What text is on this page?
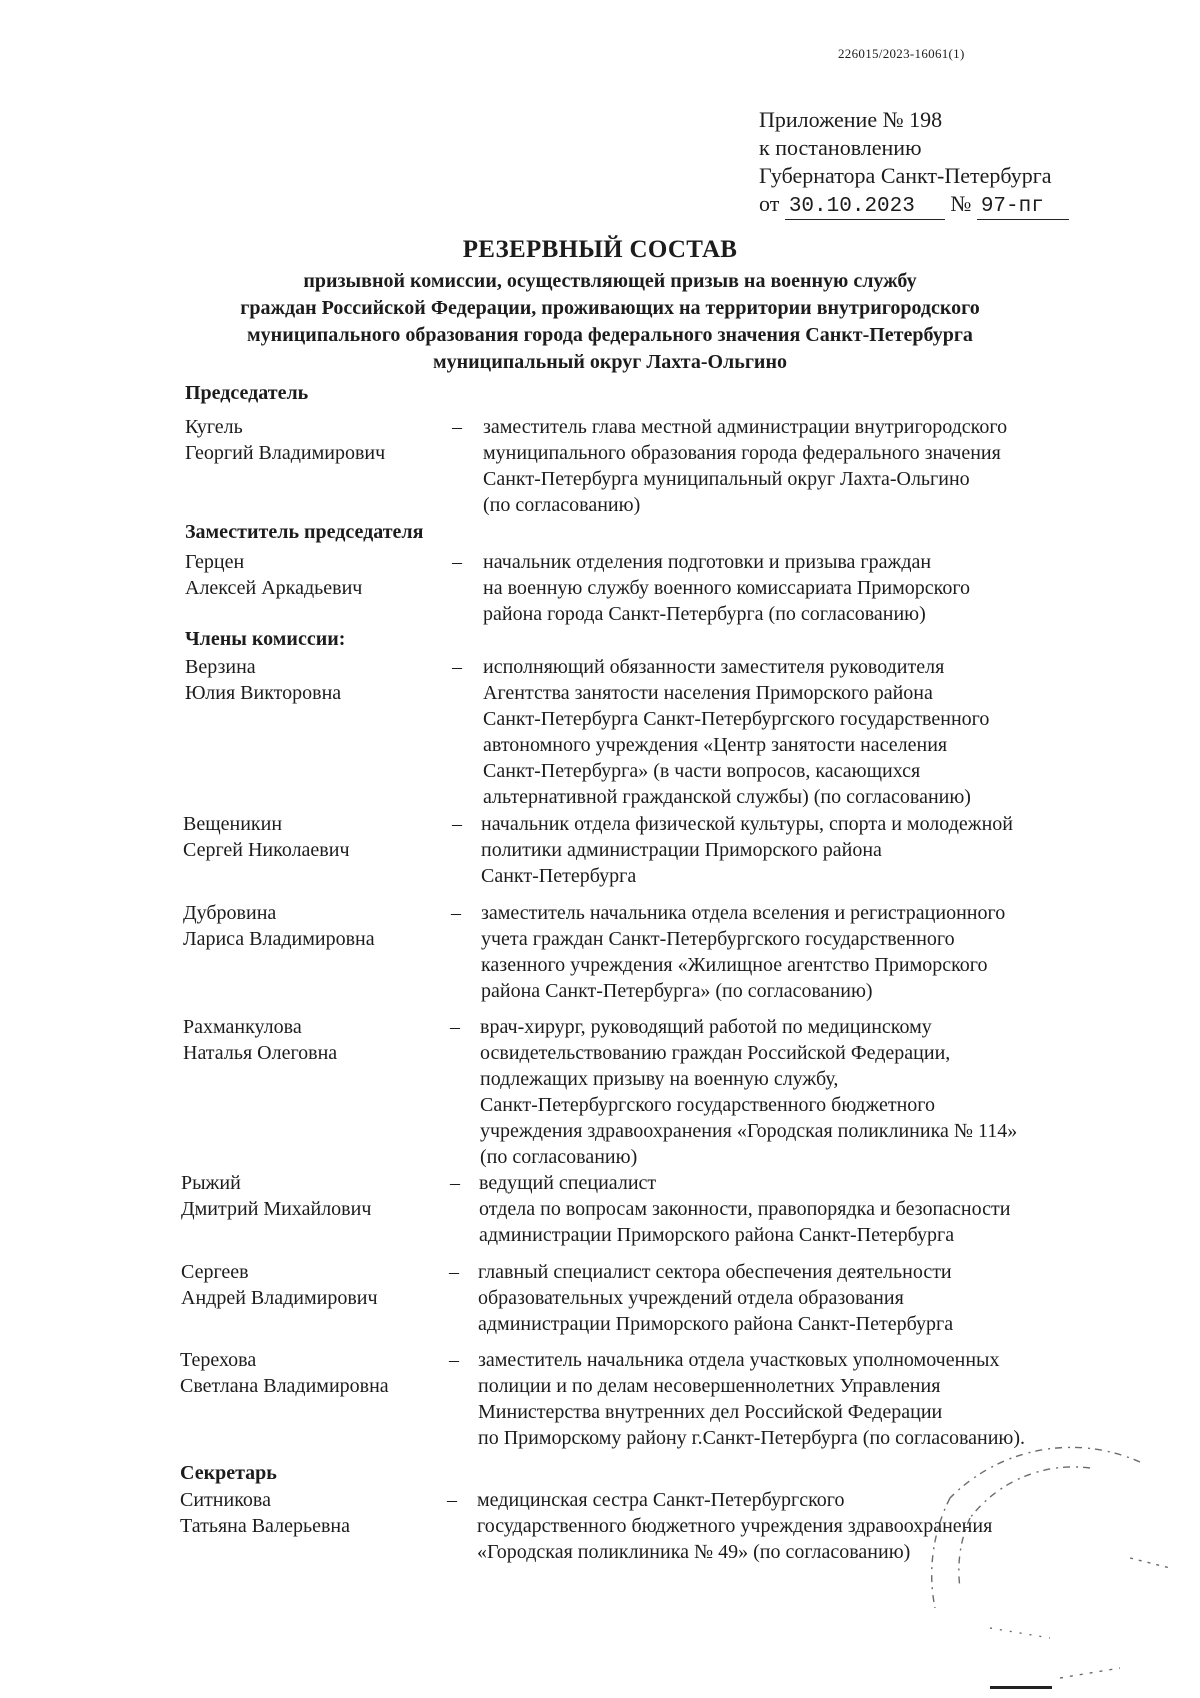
226015/2023-16061(1)
Приложение № 198
к постановлению
Губернатора Санкт-Петербурга
от 30.10.2023 № 97-пг
РЕЗЕРВНЫЙ СОСТАВ
призывной комиссии, осуществляющей призыв на военную службу
граждан Российской Федерации, проживающих на территории внутригородского
муниципального образования города федерального значения Санкт-Петербурга
муниципальный округ Лахта-Ольгино
Председатель
Заместитель председателя
Члены комиссии:
Секретарь
Кугель
Георгий Владимирович
– заместитель глава местной администрации внутригородского
муниципального образования города федерального значения
Санкт-Петербурга муниципальный округ Лахта-Ольгино
(по согласованию)
Герцен
Алексей Аркадьевич
– начальник отделения подготовки и призыва граждан
на военную службу военного комиссариата Приморского
района города Санкт-Петербурга (по согласованию)
Верзина
Юлия Викторовна
– исполняющий обязанности заместителя руководителя
Агентства занятости населения Приморского района
Санкт-Петербурга Санкт-Петербургского государственного
автономного учреждения «Центр занятости населения
Санкт-Петербурга» (в части вопросов, касающихся
альтернативной гражданской службы) (по согласованию)
Вещеникин
Сергей Николаевич
– начальник отдела физической культуры, спорта и молодежной
политики администрации Приморского района
Санкт-Петербурга
Дубровина
Лариса Владимировна
– заместитель начальника отдела вселения и регистрационного
учета граждан Санкт-Петербургского государственного
казенного учреждения «Жилищное агентство Приморского
района Санкт-Петербурга» (по согласованию)
Рахманкулова
Наталья Олеговна
– врач-хирург, руководящий работой по медицинскому
освидетельствованию граждан Российской Федерации,
подлежащих призыву на военную службу,
Санкт-Петербургского государственного бюджетного
учреждения здравоохранения «Городская поликлиника № 114»
(по согласованию)
Рыжий
Дмитрий Михайлович
– ведущий специалист
отдела по вопросам законности, правопорядка и безопасности
администрации Приморского района Санкт-Петербурга
Сергеев
Андрей Владимирович
– главный специалист сектора обеспечения деятельности
образовательных учреждений отдела образования
администрации Приморского района Санкт-Петербурга
Терехова
Светлана Владимировна
– заместитель начальника отдела участковых уполномоченных
полиции и по делам несовершеннолетних Управления
Министерства внутренних дел Российской Федерации
по Приморскому району г.Санкт-Петербурга (по согласованию).
Ситникова
Татьяна Валерьевна
– медицинская сестра Санкт-Петербургского
государственного бюджетного учреждения здравоохранения
«Городская поликлиника № 49» (по согласованию)
